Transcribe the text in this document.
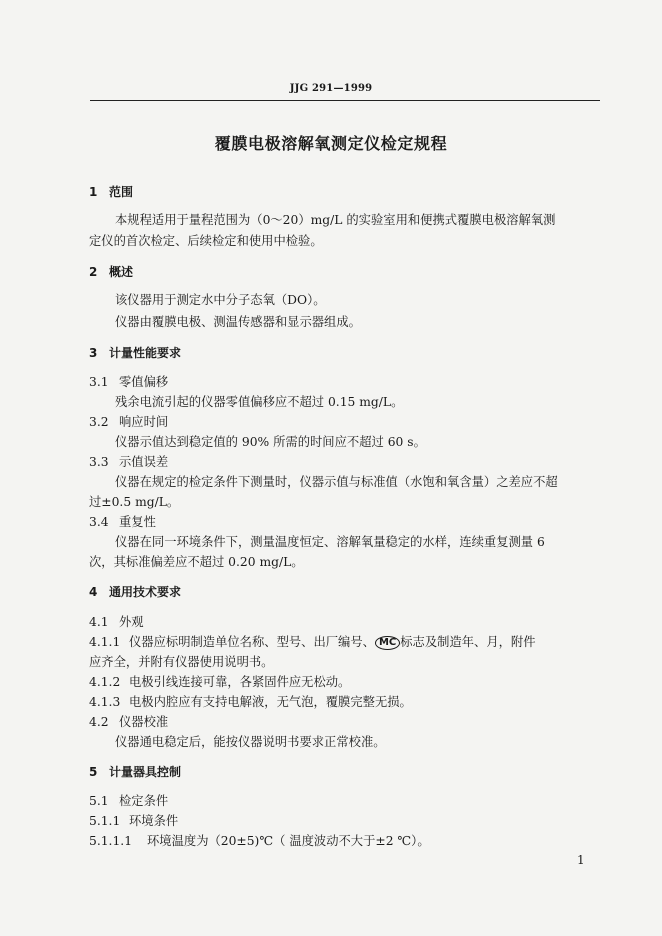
JJG 291—1999
覆膜电极溶解氧测定仪检定规程
1 范围
本规程适用于量程范围为（0～20）mg/L 的实验室用和便携式覆膜电极溶解氧测
定仪的首次检定、后续检定和使用中检验。
2 概述
该仪器用于测定水中分子态氧（DO）。
仪器由覆膜电极、测温传感器和显示器组成。
3 计量性能要求
3.1 零值偏移
残余电流引起的仪器零值偏移应不超过 0.15 mg/L。
3.2 响应时间
仪器示值达到稳定值的 90% 所需的时间应不超过 60 s。
3.3 示值误差
仪器在规定的检定条件下测量时，仪器示值与标准值（水饱和氧含量）之差应不超
过±0.5 mg/L。
3.4 重复性
仪器在同一环境条件下，测量温度恒定、溶解氧量稳定的水样，连续重复测量 6
次，其标准偏差应不超过 0.20 mg/L。
4 通用技术要求
4.1 外观
4.1.1 仪器应标明制造单位名称、型号、出厂编号、 MC 标志及制造年、月，附件
应齐全，并附有仪器使用说明书。
4.1.2 电极引线连接可靠，各紧固件应无松动。
4.1.3 电极内腔应有支持电解液，无气泡，覆膜完整无损。
4.2 仪器校准
仪器通电稳定后，能按仪器说明书要求正常校准。
5 计量器具控制
5.1 检定条件
5.1.1 环境条件
5.1.1.1 环境温度为（20±5)℃（ 温度波动不大于±2 ℃）。
1
